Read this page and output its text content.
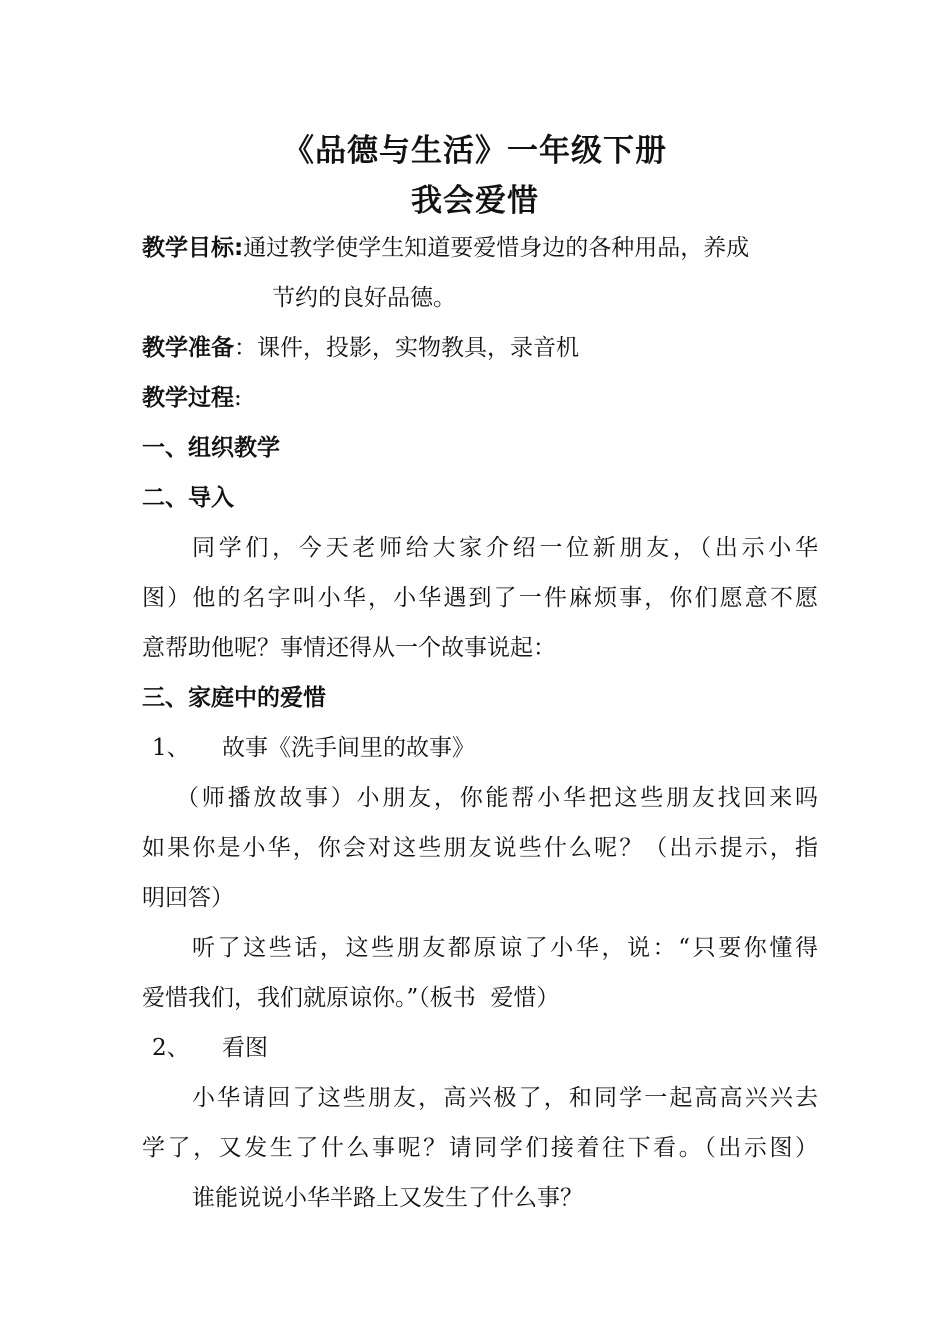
《品德与生活》一年级下册
我会爱惜
教学目标:通过教学使学生知道要爱惜身边的各种用品，养成
节约的良好品德。
教学准备：课件，投影，实物教具，录音机
教学过程:
一、组织教学
二、导入
同学们，今天老师给大家介绍一位新朋友，（出示小华
图）他的名字叫小华，小华遇到了一件麻烦事，你们愿意不愿
意帮助他呢？事情还得从一个故事说起：
三、家庭中的爱惜
1、 故事《洗手间里的故事》
（师播放故事）小朋友，你能帮小华把这些朋友找回来吗
如果你是小华，你会对这些朋友说些什么呢？（出示提示，指
明回答）
听了这些话，这些朋友都原谅了小华，说：“只要你懂得
爱惜我们，我们就原谅你。”（板书  爱惜）
2、 看图
小华请回了这些朋友，高兴极了，和同学一起高高兴兴去
学了，又发生了什么事呢？请同学们接着往下看。（出示图）
谁能说说小华半路上又发生了什么事？
